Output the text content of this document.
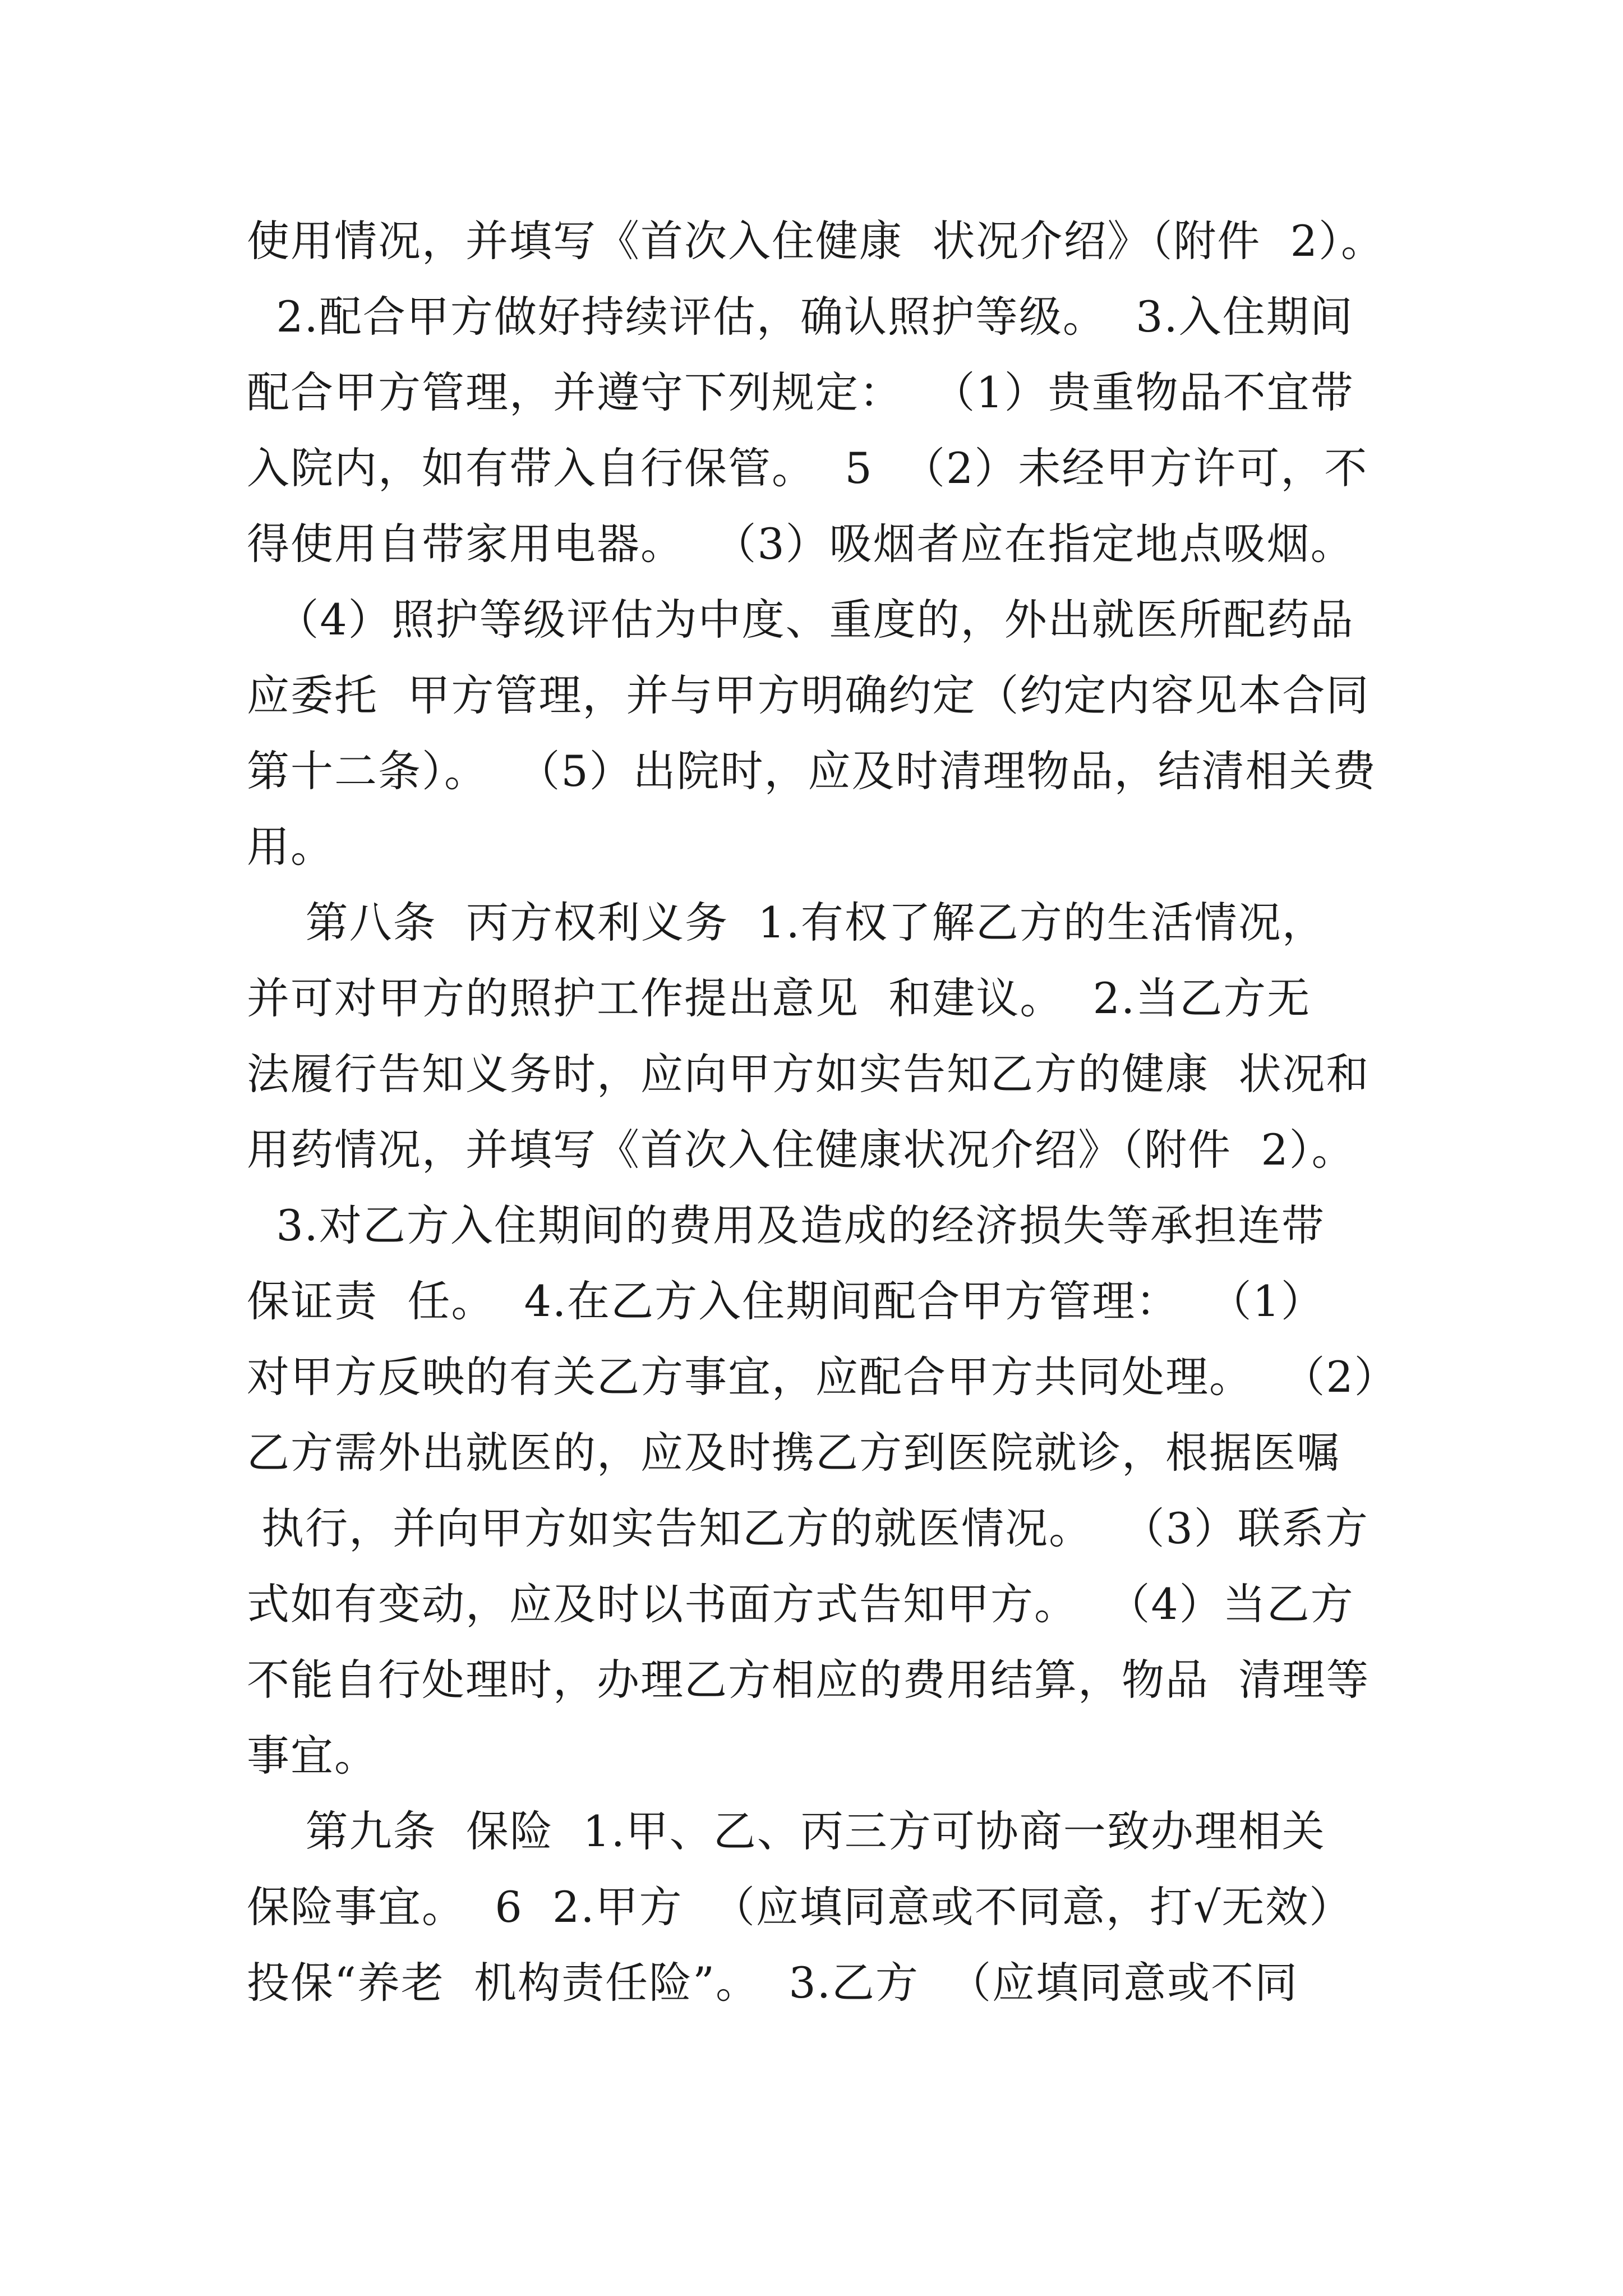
使用情况，并填写《首次入住健康  状况介绍》（附件  2）。
2.配合甲方做好持续评估，确认照护等级。  3.入住期间
配合甲方管理，并遵守下列规定：  （1）贵重物品不宜带
入院内，如有带入自行保管。  5  （2）未经甲方许可，不
得使用自带家用电器。  （3）吸烟者应在指定地点吸烟。
（4）照护等级评估为中度、重度的，外出就医所配药品
应委托  甲方管理，并与甲方明确约定（约定内容见本合同
第十二条）。  （5）出院时，应及时清理物品，结清相关费
用。
第八条  丙方权利义务  1.有权了解乙方的生活情况，
并可对甲方的照护工作提出意见  和建议。  2.当乙方无
法履行告知义务时，应向甲方如实告知乙方的健康  状况和
用药情况，并填写《首次入住健康状况介绍》（附件  2）。
3.对乙方入住期间的费用及造成的经济损失等承担连带
保证责  任。  4.在乙方入住期间配合甲方管理：  （1）
对甲方反映的有关乙方事宜，应配合甲方共同处理。  （2）
乙方需外出就医的，应及时携乙方到医院就诊，根据医嘱
执行，并向甲方如实告知乙方的就医情况。  （3）联系方
式如有变动，应及时以书面方式告知甲方。  （4）当乙方
不能自行处理时，办理乙方相应的费用结算，物品  清理等
事宜。
第九条  保险  1.甲、乙、丙三方可协商一致办理相关
保险事宜。  6  2.甲方  （应填同意或不同意，打√无效）
投保“养老  机构责任险”。  3.乙方  （应填同意或不同
